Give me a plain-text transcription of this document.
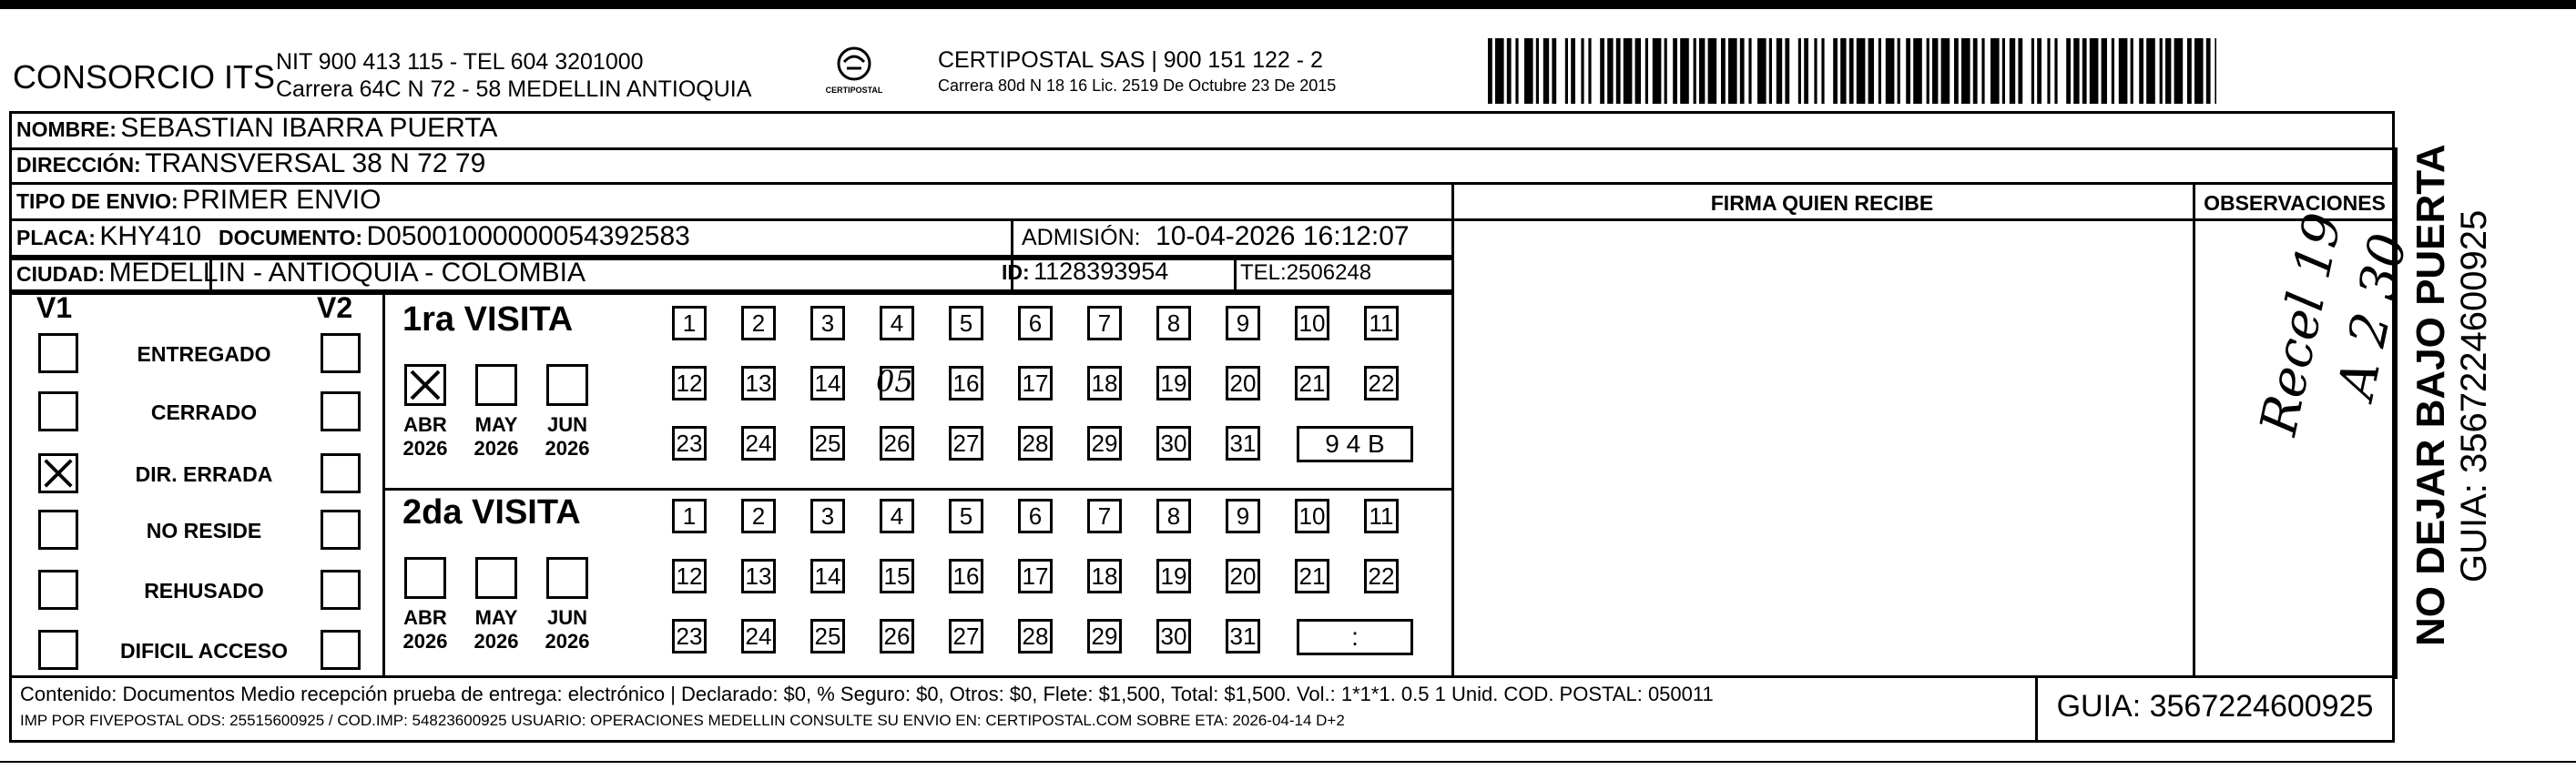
CONSORCIO ITS NIT 900 413 115 - TEL 604 3201000
Carrera 64C N 72 - 58 MEDELLIN ANTIOQUIA	CERTIPOSTAL
CERTIPOSTAL SAS | 900 151 122 - 2
Carrera 80d N 18 16 Lic. 2519 De Octubre 23 De 2015
NOMBRE: SEBASTIAN IBARRA PUERTA
DIRECCIÓN: TRANSVERSAL 38 N 72 79
TIPO DE ENVIO: PRIMER ENVIO
PLACA: KHY410 DOCUMENTO: D05001000000054392583	ADMISIÓN: 10-04-2026 16:12:07
CIUDAD: MEDELLIN - ANTIOQUIA - COLOMBIA	ID: 1128393954	TEL:2506248
FIRMA QUIEN RECIBE	OBSERVACIONES
Recel 19
A 2 30
V1	V2 1ra VISITA
2da VISITA
Contenido: Documentos Medio recepción prueba de entrega: electrónico | Declarado: $0, % Seguro: $0, Otros: $0, Flete: $1,500, Total: $1,500. Vol.: 1*1*1. 0.5 1 Unid. COD. POSTAL: 050011
IMP POR FIVEPOSTAL ODS: 25515600925 / COD.IMP: 54823600925 USUARIO: OPERACIONES MEDELLIN CONSULTE SU ENVIO EN: CERTIPOSTAL.COM SOBRE ETA: 2026-04-14 D+2	GUIA: 3567224600925
NO DEJAR BAJO PUERTA GUIA: 3567224600925
ENTREGADO
CERRADO
DIR. ERRADA
NO RESIDE
REHUSADO
DIFICIL ACCESO
ABR
2026
MAY
2026
JUN
2026
1	2	3	4	5	6	7	8	9	10 11
12 13 14 05 16 17 18 19 20 21 22
23 24 25 26 27 28 29 30 31	9 4 B
ABR
2026
MAY
2026
JUN
2026
1	2	3	4	5	6	7	8	9	10 11
12 13 14 15 16 17 18 19 20 21 22
23 24 25 26 27 28 29 30 31	:
